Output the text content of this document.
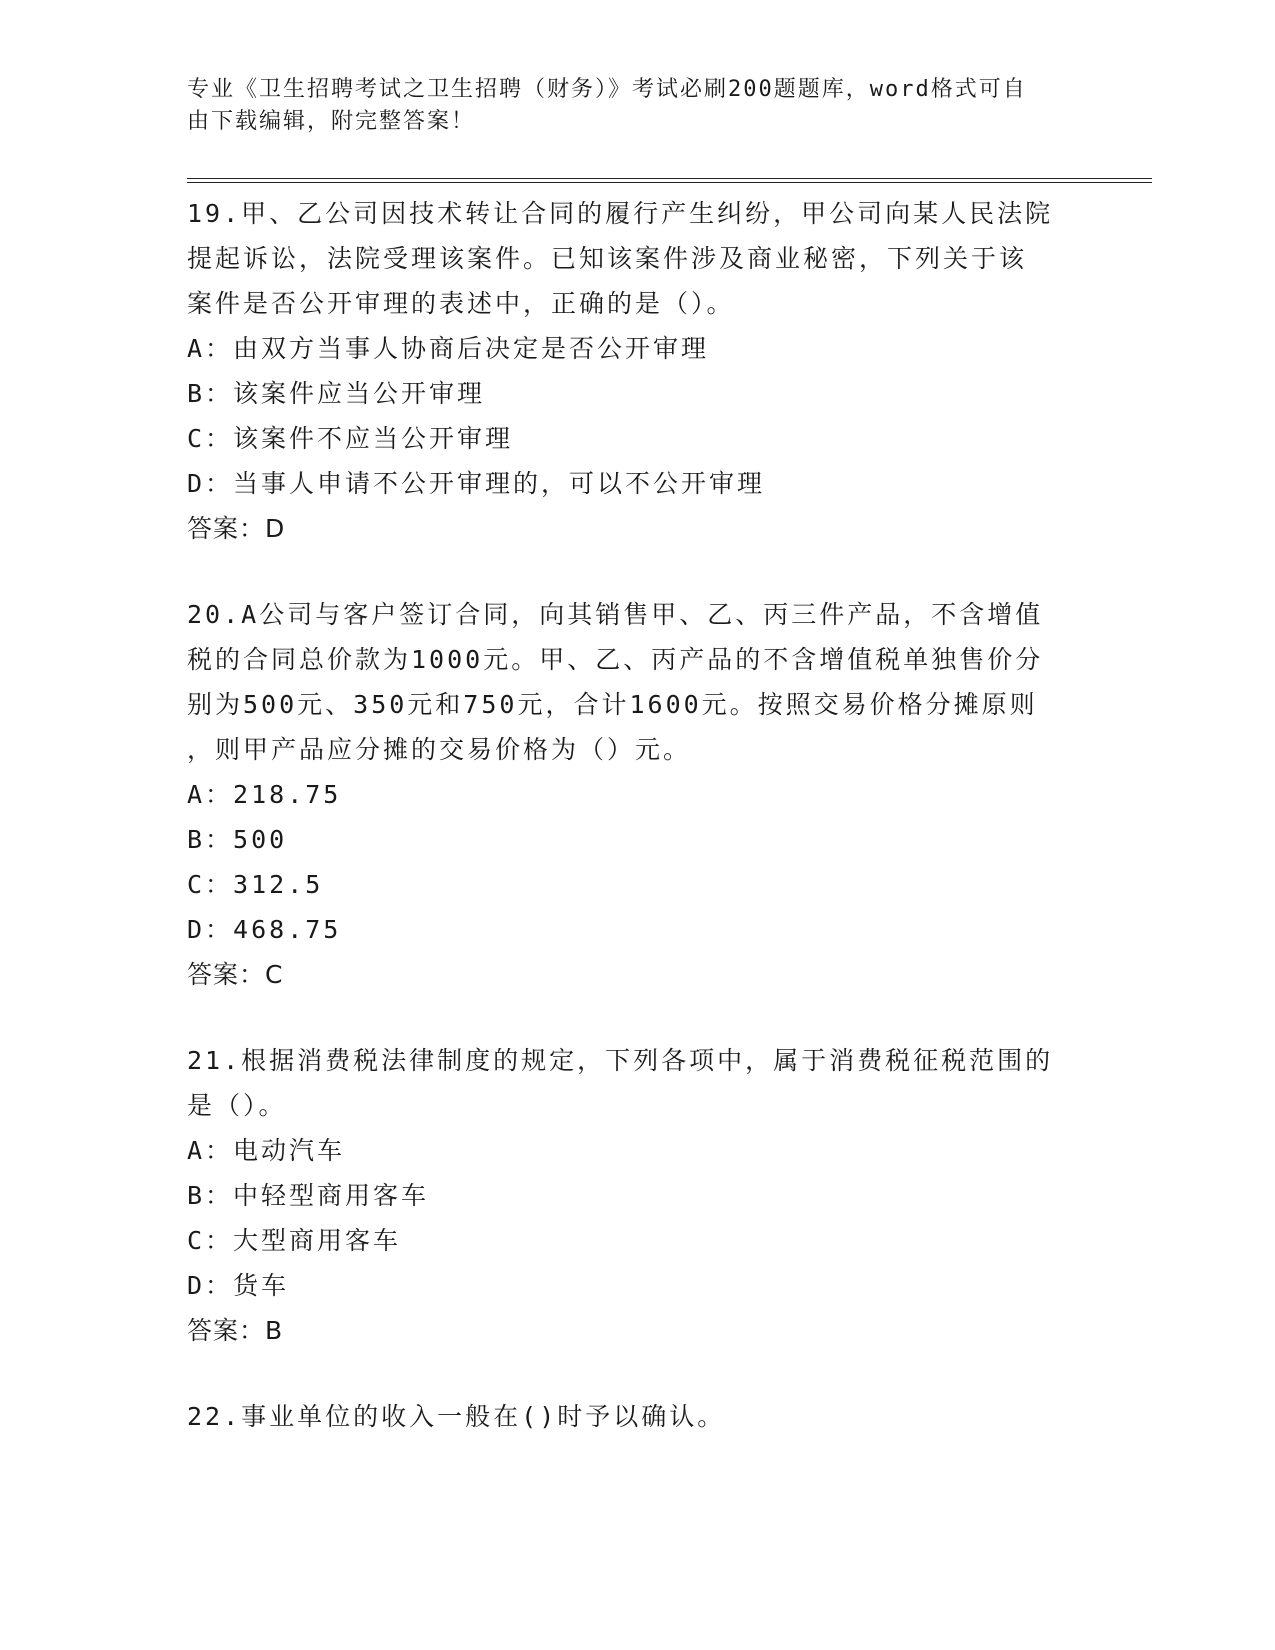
专业《卫生招聘考试之卫生招聘（财务）》考试必刷200题题库，word格式可自
由下载编辑，附完整答案！
19.甲、乙公司因技术转让合同的履行产生纠纷，甲公司向某人民法院
提起诉讼，法院受理该案件。已知该案件涉及商业秘密，下列关于该
案件是否公开审理的表述中，正确的是（）。
A：由双方当事人协商后决定是否公开审理
B：该案件应当公开审理
C：该案件不应当公开审理
D：当事人申请不公开审理的，可以不公开审理
答案：D
20.A公司与客户签订合同，向其销售甲、乙、丙三件产品，不含增值
税的合同总价款为1000元。甲、乙、丙产品的不含增值税单独售价分
别为500元、350元和750元，合计1600元。按照交易价格分摊原则
，则甲产品应分摊的交易价格为（）元。
A：218.75
B：500
C：312.5
D：468.75
答案：C
21.根据消费税法律制度的规定，下列各项中，属于消费税征税范围的
是（）。
A：电动汽车
B：中轻型商用客车
C：大型商用客车
D：货车
答案：B
22.事业单位的收入一般在()时予以确认。
